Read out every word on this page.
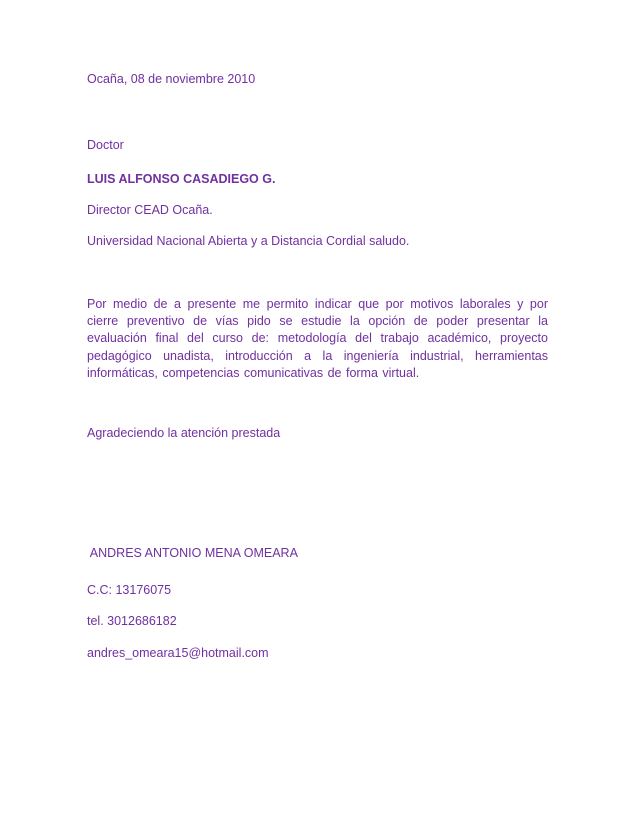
Ocaña, 08 de noviembre 2010

Doctor

LUIS ALFONSO CASADIEGO G.

Director CEAD Ocaña.

Universidad Nacional Abierta y a Distancia Cordial saludo.

Por medio de a presente me permito indicar que por motivos laborales y por cierre preventivo de vías pido se estudie la opción de poder presentar la evaluación final del curso de: metodología del trabajo académico, proyecto pedagógico unadista, introducción a la ingeniería industrial, herramientas informáticas, competencias comunicativas de forma virtual.

Agradeciendo la atención prestada

ANDRES ANTONIO MENA OMEARA

C.C: 13176075

tel. 3012686182

andres_omeara15@hotmail.com
